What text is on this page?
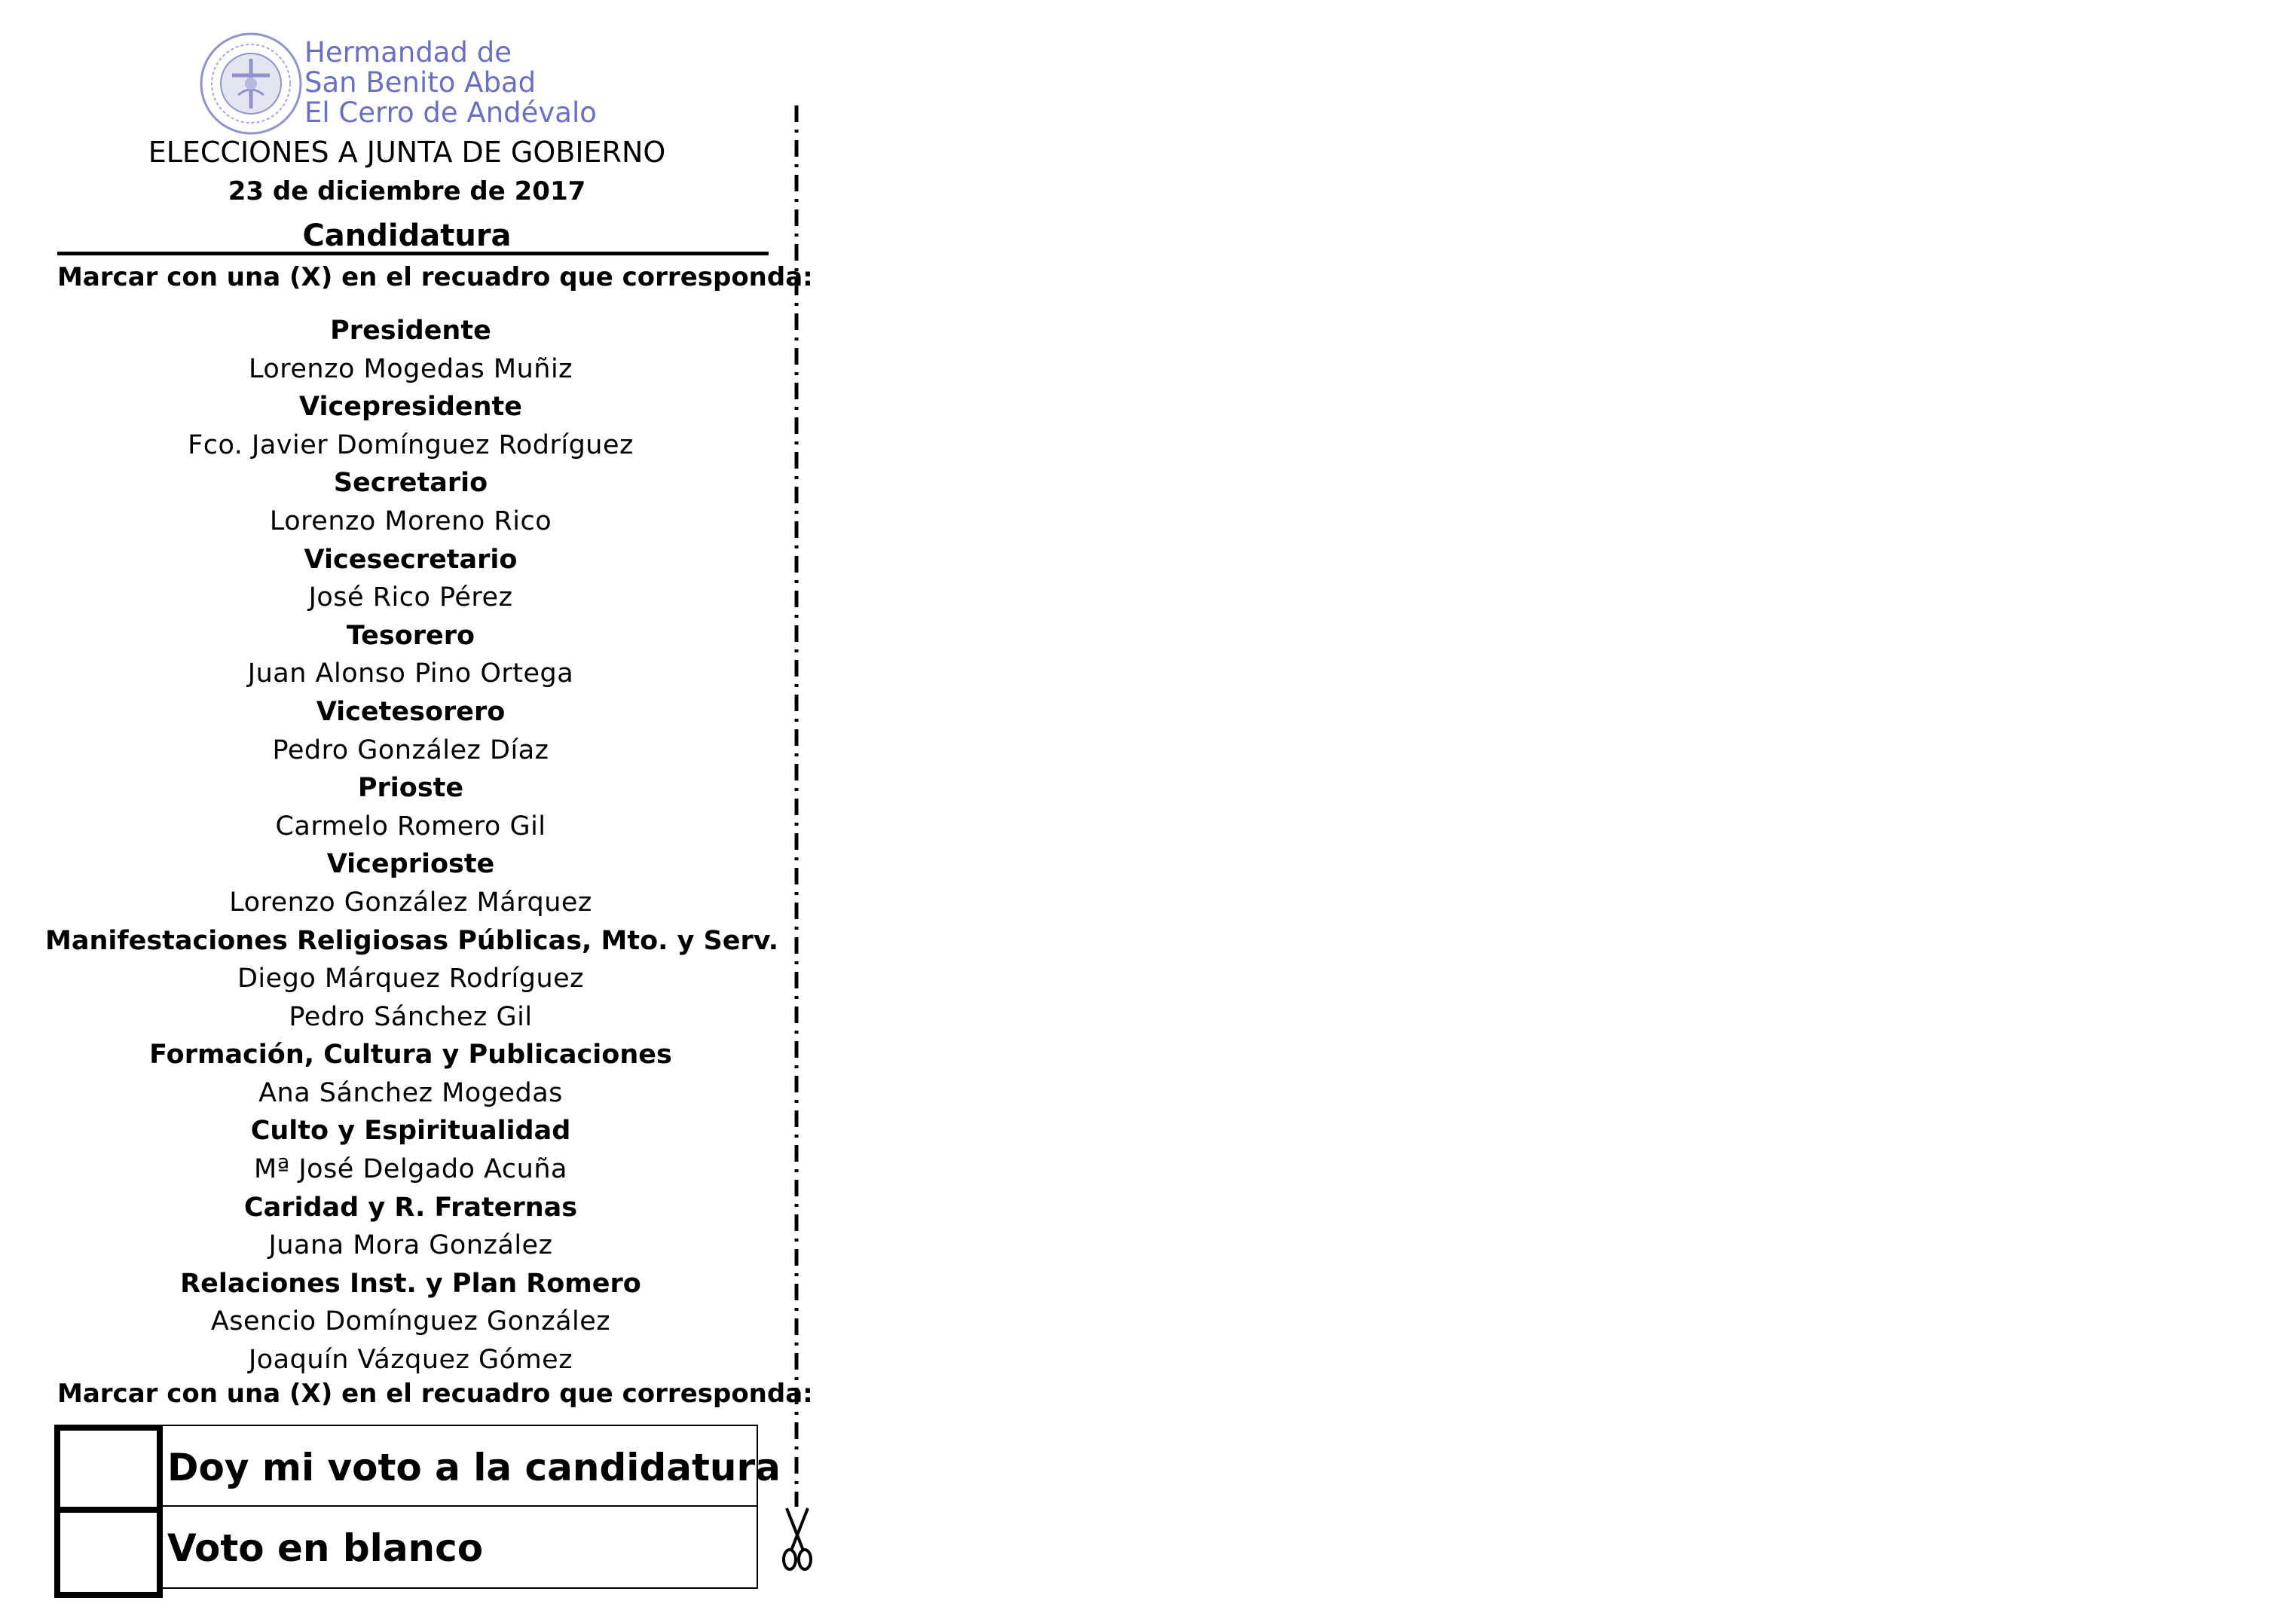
Hermandad de
San Benito Abad
El Cerro de Andévalo
ELECCIONES A JUNTA DE GOBIERNO
23 de diciembre de 2017
Candidatura
Marcar con una (X) en el recuadro que corresponda:
Presidente
Lorenzo Mogedas Muñiz
Vicepresidente
Fco. Javier Domínguez Rodríguez
Secretario
Lorenzo Moreno Rico
Vicesecretario
José Rico Pérez
Tesorero
Juan Alonso Pino Ortega
Vicetesorero
Pedro González Díaz
Prioste
Carmelo Romero Gil
Viceprioste
Lorenzo González Márquez
Manifestaciones Religiosas Públicas, Mto. y Serv.
Diego Márquez Rodríguez
Pedro Sánchez Gil
Formación, Cultura y Publicaciones
Ana Sánchez Mogedas
Culto y Espiritualidad
Mª José Delgado Acuña
Caridad y R. Fraternas
Juana Mora González
Relaciones Inst. y Plan Romero
Asencio Domínguez González
Joaquín Vázquez Gómez
Marcar con una (X) en el recuadro que corresponda:
Doy mi voto a la candidatura
Voto en blanco
